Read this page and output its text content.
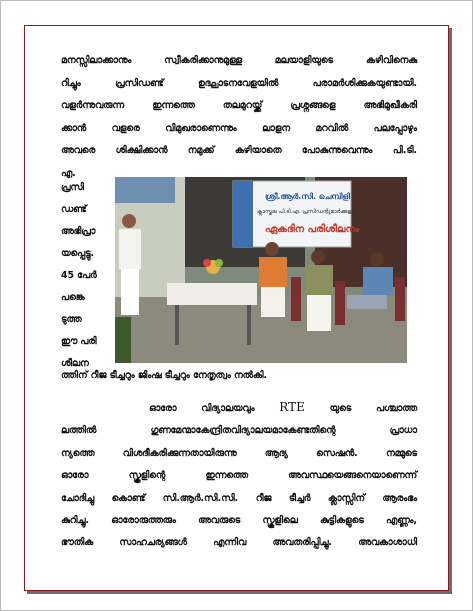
മനസ്സിലാക്കാനും സ്വീകരിക്കാനുമുള്ള മലയാളിയുടെ കഴിവിനെകു
റിച്ചും പ്രസിഡണ്ട് ഉദ്ഘാടനവേളയിൽ പരാമർശിക്കുകയുണ്ടായി.
വളർന്നുവരുന്ന ഇന്നത്തെ തലമുറയ്ക്ക് പ്രശ്നങ്ങളെ അഭിമുഖീകരി
ക്കാൻ വളരെ വിമുഖരാണെന്നും ലാളന മറവിൽ പലപ്പോഴും
അവരെ ശിക്ഷിക്കാൻ നമുക്ക് കഴിയാതെ പോകുന്നുവെന്നും പി.ടി.
എ.
പ്രസി
ഡണ്ട്
അഭിപ്രാ
യപ്പെട്ടു.
45 പേർ
പങ്കെ
ടുത്ത
ഈ പരി
ശീലന
ശ്രീ.ആർ.സി. ചെമ്പിളി
ക്ലാസ്തല പി.ടി.എ. പ്രസിഡന്റുമാർക്കുള്ള
ഏകദിന പരിശീലനം
ത്തിന് റീജ ടീച്ചറും ജിംഷ ടീച്ചറും നേതൃത്വം നൽകി.
ഓരോ വിദ്യാലയവും RTE	യുടെ പശ്ചാത്ത
ലത്തിൽ ഗുണമേന്മാകേന്ദ്രിതവിദ്യാലയമാകേണ്ടതിന്റെ പ്രാധാ
ന്യത്തെ വിശദീകരിക്കുന്നതായിരുന്നു ആദ്യ സെഷൻ. നമ്മുടെ
ഓരോ സ്കൂളിന്റെ ഇന്നത്തെ അവസ്ഥയെങ്ങനെയാണെന്ന്
ചോദിച്ചു കൊണ്ട് സി.ആർ.സി.സി. റീജ ടീച്ചർ ക്ലാസ്സിന് ആരംഭം
കുറിച്ചു. ഓരോരുത്തരും അവരുടെ സ്കൂളിലെ കുട്ടികളുടെ എണ്ണം,
ഭൗതിക സാഹചര്യങ്ങൾ എന്നിവ അവതരിപ്പിച്ചു. അവകാശാധി
